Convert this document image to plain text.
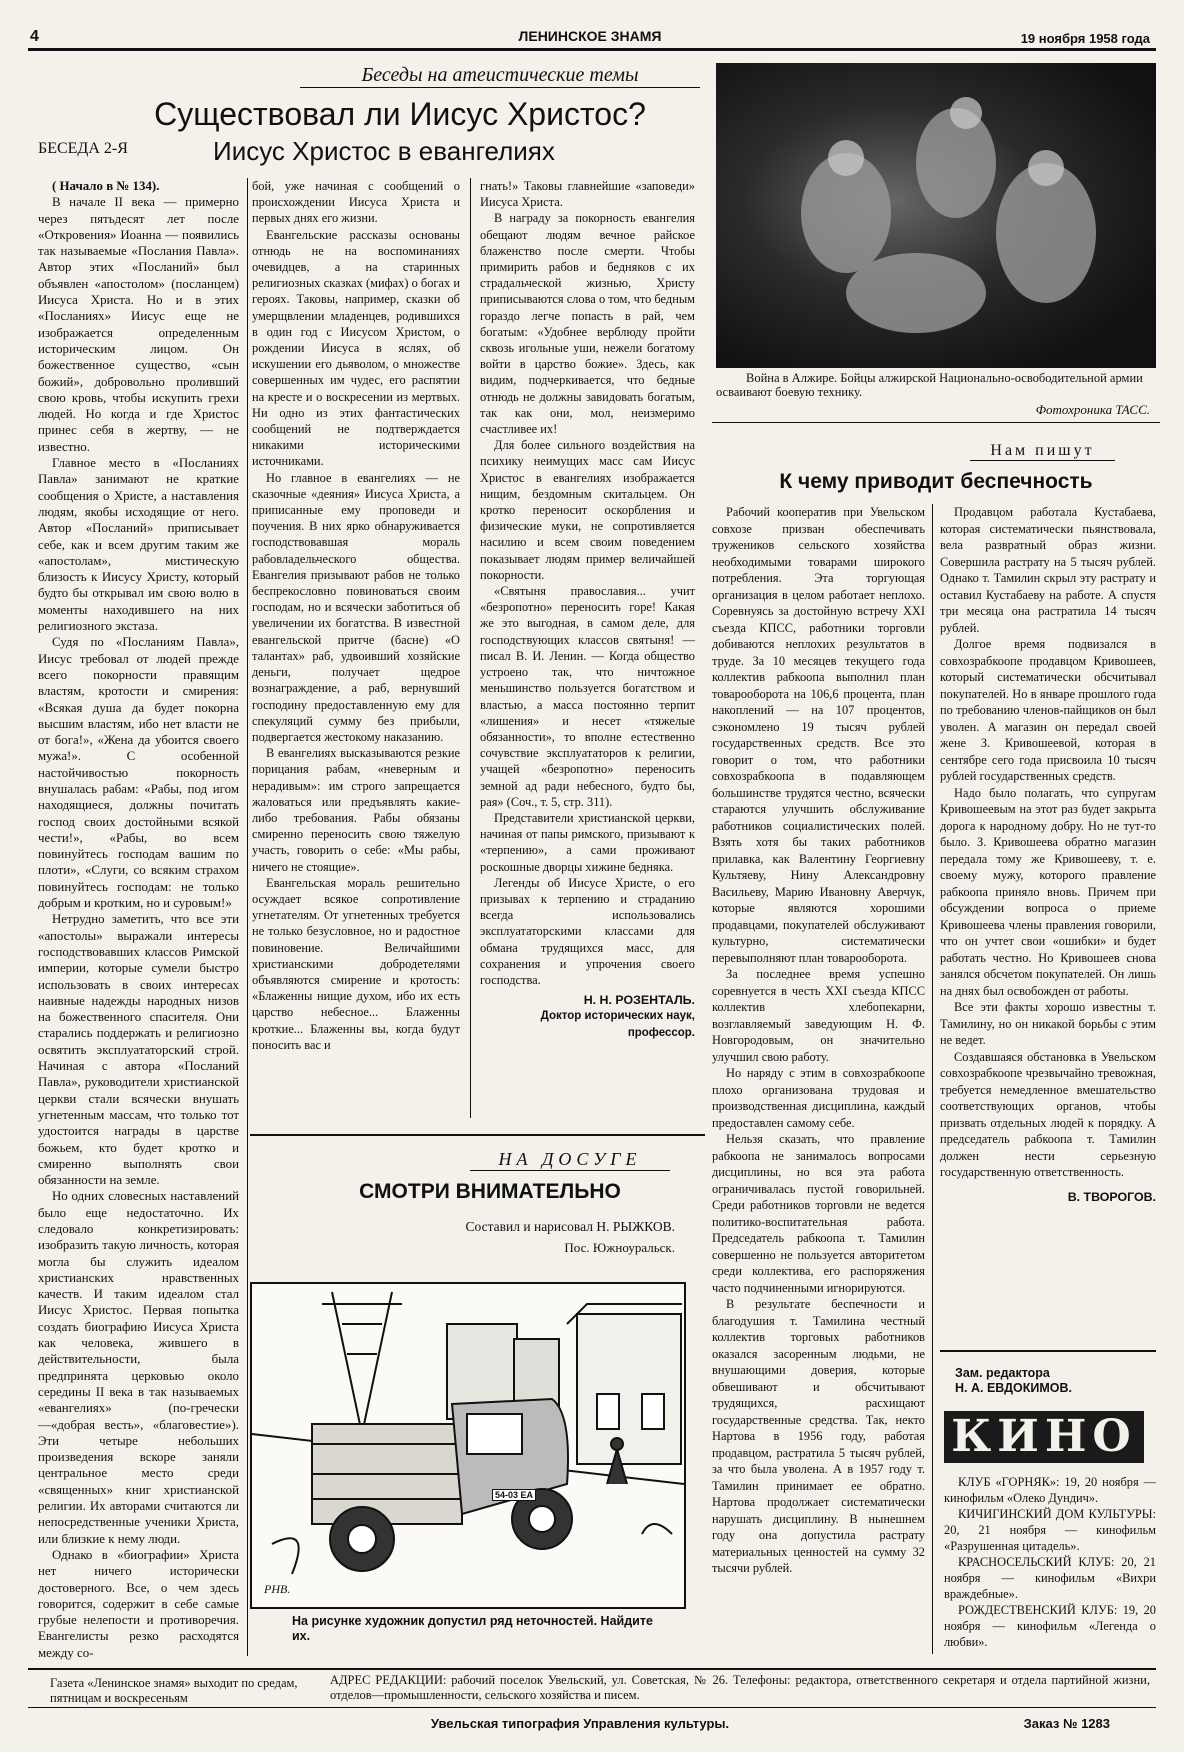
4	ЛЕНИНСКОЕ ЗНАМЯ	19 ноября 1958 года
Беседы на атеистические темы
Существовал ли Иисус Христос?
БЕСЕДА 2-Я	Иисус Христос в евангелиях

( Начало в № 134).

В начале II века — примерно через пятьдесят лет после «Откровения» Иоанна — появились так называемые «Послания Павла». Автор этих «Посланий» был объявлен «апостолом» (посланцем) Иисуса Христа. Но и в этих «Посланиях» Иисус еще не изображается определенным историческим лицом. Он божественное существо, «сын божий», добровольно проливший свою кровь, чтобы искупить грехи людей. Но когда и где Христос принес себя в жертву, — не известно.

Главное место в «Посланиях Павла» занимают не краткие сообщения о Христе, а наставления людям, якобы исходящие от него. Автор «Посланий» приписывает себе, как и всем другим таким же «апостолам», мистическую близость к Иисусу Христу, который будто бы открывал им свою волю в моменты находившего на них религиозного экстаза.

Судя по «Посланиям Павла», Иисус требовал от людей прежде всего покорности правящим властям, кротости и смирения: «Всякая душа да будет покорна высшим властям, ибо нет власти не от бога!», «Жена да убоится своего мужа!». С особенной настойчивостью покорность внушалась рабам: «Рабы, под игом находящиеся, должны почитать господ своих достойными всякой чести!», «Рабы, во всем повинуйтесь господам вашим по плоти», «Слуги, со всяким страхом повинуйтесь господам: не только добрым и кротким, но и суровым!»

Нетрудно заметить, что все эти «апостолы» выражали интересы господствовавших классов Римской империи, которые сумели быстро использовать в своих интересах наивные надежды народных низов на божественного спасителя. Они старались поддержать и религиозно освятить эксплуататорский строй. Начиная с автора «Посланий Павла», руководители христианской церкви стали всячески внушать угнетенным массам, что только тот удостоится награды в царстве божьем, кто будет кротко и смиренно выполнять свои обязанности на земле.

Но одних словесных наставлений было еще недостаточно. Их следовало конкретизировать: изобразить такую личность, которая могла бы служить идеалом христианских нравственных качеств. И таким идеалом стал Иисус Христос. Первая попытка создать биографию Иисуса Христа как человека, жившего в действительности, была предпринята церковью около середины II века в так называемых «евангелиях» (по-гречески—«добрая весть», «благовестие»). Эти четыре небольших произведения вскоре заняли центральное место среди «священных» книг христианской религии. Их авторами считаются ли непосредственные ученики Христа, или близкие к нему люди.

Однако в «биографии» Христа нет ничего исторически достоверного. Все, о чем здесь говорится, содержит в себе самые грубые нелепости и противоречия. Евангелисты резко расходятся между со-

бой, уже начиная с сообщений о происхождении Иисуса Христа и первых днях его жизни.

Евангельские рассказы основаны отнюдь не на воспоминаниях очевидцев, а на старинных религиозных сказках (мифах) о богах и героях. Таковы, например, сказки об умерщвлении младенцев, родившихся в один год с Иисусом Христом, о рождении Иисуса в яслях, об искушении его дьяволом, о множестве совершенных им чудес, его распятии на кресте и о воскресении из мертвых. Ни одно из этих фантастических сообщений не подтверждается никакими историческими источниками.

Но главное в евангелиях — не сказочные «деяния» Иисуса Христа, а приписанные ему проповеди и поучения. В них ярко обнаруживается господствовавшая мораль рабовладельческого общества. Евангелия призывают рабов не только беспрекословно повиноваться своим господам, но и всячески заботиться об увеличении их богатства. В известной евангельской притче (басне) «О талантах» раб, удвоивший хозяйские деньги, получает щедрое вознаграждение, а раб, вернувший господину предоставленную ему для спекуляций сумму без прибыли, подвергается жестокому наказанию.

В евангелиях высказываются резкие порицания рабам, «неверным и нерадивым»: им строго запрещается жаловаться или предъявлять какие-либо требования. Рабы обязаны смиренно переносить свою тяжелую участь, говорить о себе: «Мы рабы, ничего не стоящие».

Евангельская мораль решительно осуждает всякое сопротивление угнетателям. От угнетенных требуется не только безусловное, но и радостное повиновение. Величайшими христианскими добродетелями объявляются смирение и кротость: «Блаженны нищие духом, ибо их есть царство небесное... Блаженны кроткие... Блаженны вы, когда будут поносить вас и

гнать!» Таковы главнейшие «заповеди» Иисуса Христа.

В награду за покорность евангелия обещают людям вечное райское блаженство после смерти. Чтобы примирить рабов и бедняков с их страдальческой жизнью, Христу приписываются слова о том, что бедным гораздо легче попасть в рай, чем богатым: «Удобнее верблюду пройти сквозь игольные уши, нежели богатому войти в царство божие». Здесь, как видим, подчеркивается, что бедные отнюдь не должны завидовать богатым, так как они, мол, неизмеримо счастливее их!

Для более сильного воздействия на психику неимущих масс сам Иисус Христос в евангелиях изображается нищим, бездомным скитальцем. Он кротко переносит оскорбления и физические муки, не сопротивляется насилию и всем своим поведением показывает людям пример величайшей покорности.

«Святыня православия... учит «безропотно» переносить горе! Какая же это выгодная, в самом деле, для господствующих классов святыня! — писал В. И. Ленин. — Когда общество устроено так, что ничтожное меньшинство пользуется богатством и властью, а масса постоянно терпит «лишения» и несет «тяжелые обязанности», то вполне естественно сочувствие эксплуататоров к религии, учащей «безропотно» переносить земной ад ради небесного, будто бы, рая» (Соч., т. 5, стр. 311).

Представители христианской церкви, начиная от папы римского, призывают к «терпению», а сами проживают роскошные дворцы хижине бедняка.

Легенды об Иисусе Христе, о его призывах к терпению и страданию всегда использовались эксплуататорскими классами для обмана трудящихся масс, для сохранения и упрочения своего господства.

Н. Н. РОЗЕНТАЛЬ.
Доктор исторических наук, профессор.
НА ДОСУГЕ
СМОТРИ ВНИМАТЕЛЬНО
Составил и нарисовал Н. РЫЖКОВ.
Пос. Южноуральск.
54-03 ЕА
РНВ.
На рисунке художник допустил ряд неточностей. Найдите их.
Война в Алжире. Бойцы алжирской Национально-освободительной армии осваивают боевую технику.
Фотохроника ТАСС.
Нам пишут
К чему приводит беспечность

Рабочий кооператив при Увельском совхозе призван обеспечивать тружеников сельского хозяйства необходимыми товарами широкого потребления. Эта торгующая организация в целом работает неплохо. Соревнуясь за достойную встречу XXI съезда КПСС, работники торговли добиваются неплохих результатов в труде. За 10 месяцев текущего года коллектив рабкоопа выполнил план товарооборота на 106,6 процента, план накоплений — на 107 процентов, сэкономлено 19 тысяч рублей государственных средств. Все это говорит о том, что работники совхозрабкоопа в подавляющем большинстве трудятся честно, всячески стараются улучшить обслуживание работников социалистических полей. Взять хотя бы таких работников прилавка, как Валентину Георгиевну Культяеву, Нину Александровну Васильеву, Марию Ивановну Аверчук, которые являются хорошими продавцами, покупателей обслуживают культурно, систематически перевыполняют план товарооборота.

За последнее время успешно соревнуется в честь XXI съезда КПСС коллектив хлебопекарни, возглавляемый заведующим Н. Ф. Новгородовым, он значительно улучшил свою работу.

Но наряду с этим в совхозрабкоопе плохо организована трудовая и производственная дисциплина, каждый предоставлен самому себе.

Нельзя сказать, что правление рабкоопа не занималось вопросами дисциплины, но вся эта работа ограничивалась пустой говорильней. Среди работников торговли не ведется политико-воспитательная работа. Председатель рабкоопа т. Тамилин совершенно не пользуется авторитетом среди коллектива, его распоряжения часто подчиненными игнорируются.

В результате беспечности и благодушия т. Тамилина честный коллектив торговых работников оказался засоренным людьми, не внушающими доверия, которые обвешивают и обсчитывают трудящихся, расхищают государственные средства. Так, некто Нартова в 1956 году, работая продавцом, растратила 5 тысяч рублей, за что была уволена. А в 1957 году т. Тамилин принимает ее обратно. Нартова продолжает систематически нарушать дисциплину. В нынешнем году она допустила растрату материальных ценностей на сумму 32 тысячи рублей.

Продавцом работала Кустабаева, которая систематически пьянствовала, вела развратный образ жизни. Совершила растрату на 5 тысяч рублей. Однако т. Тамилин скрыл эту растрату и оставил Кустабаеву на работе. А спустя три месяца она растратила 14 тысяч рублей.

Долгое время подвизался в совхозрабкоопе продавцом Кривошеев, который систематически обсчитывал покупателей. Но в январе прошлого года по требованию членов-пайщиков он был уволен. А магазин он передал своей жене З. Кривошеевой, которая в сентябре сего года присвоила 10 тысяч рублей государственных средств.

Надо было полагать, что супругам Кривошеевым на этот раз будет закрыта дорога к народному добру. Но не тут-то было. З. Кривошеева обратно магазин передала тому же Кривошееву, т. е. своему мужу, которого правление рабкоопа приняло вновь. Причем при обсуждении вопроса о приеме Кривошеева члены правления говорили, что он учтет свои «ошибки» и будет работать честно. Но Кривошеев снова занялся обсчетом покупателей. Он лишь на днях был освобожден от работы.

Все эти факты хорошо известны т. Тамилину, но он никакой борьбы с этим не ведет.

Создавшаяся обстановка в Увельском совхозрабкоопе чрезвычайно тревожная, требуется немедленное вмешательство соответствующих органов, чтобы призвать отдельных людей к порядку. А председатель рабкоопа т. Тамилин должен нести серьезную государственную ответственность.

В. ТВОРОГОВ.
Зам. редактора
Н. А. ЕВДОКИМОВ.
КИНО

КЛУБ «ГОРНЯК»: 19, 20 ноября — кинофильм «Олеко Дундич».

КИЧИГИНСКИЙ ДОМ КУЛЬТУРЫ: 20, 21 ноября — кинофильм «Разрушенная цитадель».

КРАСНОСЕЛЬСКИЙ КЛУБ: 20, 21 ноября — кинофильм «Вихри враждебные».

РОЖДЕСТВЕНСКИЙ КЛУБ: 19, 20 ноября — кинофильм «Легенда о любви».

Газета «Ленинское знамя» выходит по средам, пятницам и воскресеньям
АДРЕС РЕДАКЦИИ: рабочий поселок Увельский, ул. Советская, № 26. Телефоны: редактора, ответственного секретаря и отдела партийной жизни, отделов—промышленности, сельского хозяйства и писем.
Увельская типография Управления культуры.	Заказ № 1283
